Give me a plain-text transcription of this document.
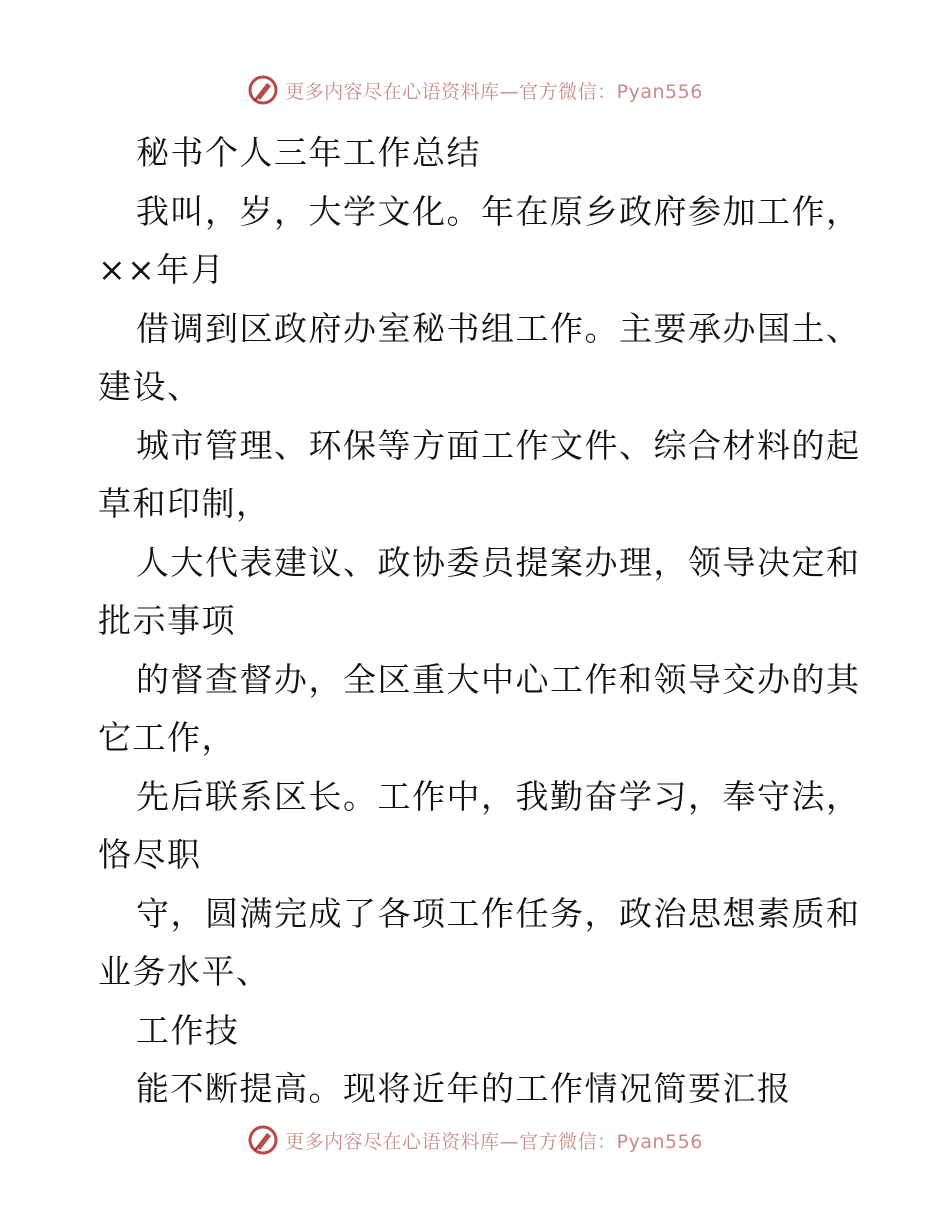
更多内容尽在心语资料库—官方微信：Pyan556
秘书个人三年工作总结
我叫，岁，大学文化。年在原乡政府参加工作，
××年月
借调到区政府办室秘书组工作。主要承办国土、
建设、
城市管理、环保等方面工作文件、综合材料的起
草和印制，
人大代表建议、政协委员提案办理，领导决定和
批示事项
的督查督办，全区重大中心工作和领导交办的其
它工作，
先后联系区长。工作中，我勤奋学习，奉守法，
恪尽职
守，圆满完成了各项工作任务，政治思想素质和
业务水平、
工作技
能不断提高。现将近年的工作情况简要汇报
更多内容尽在心语资料库—官方微信：Pyan556
